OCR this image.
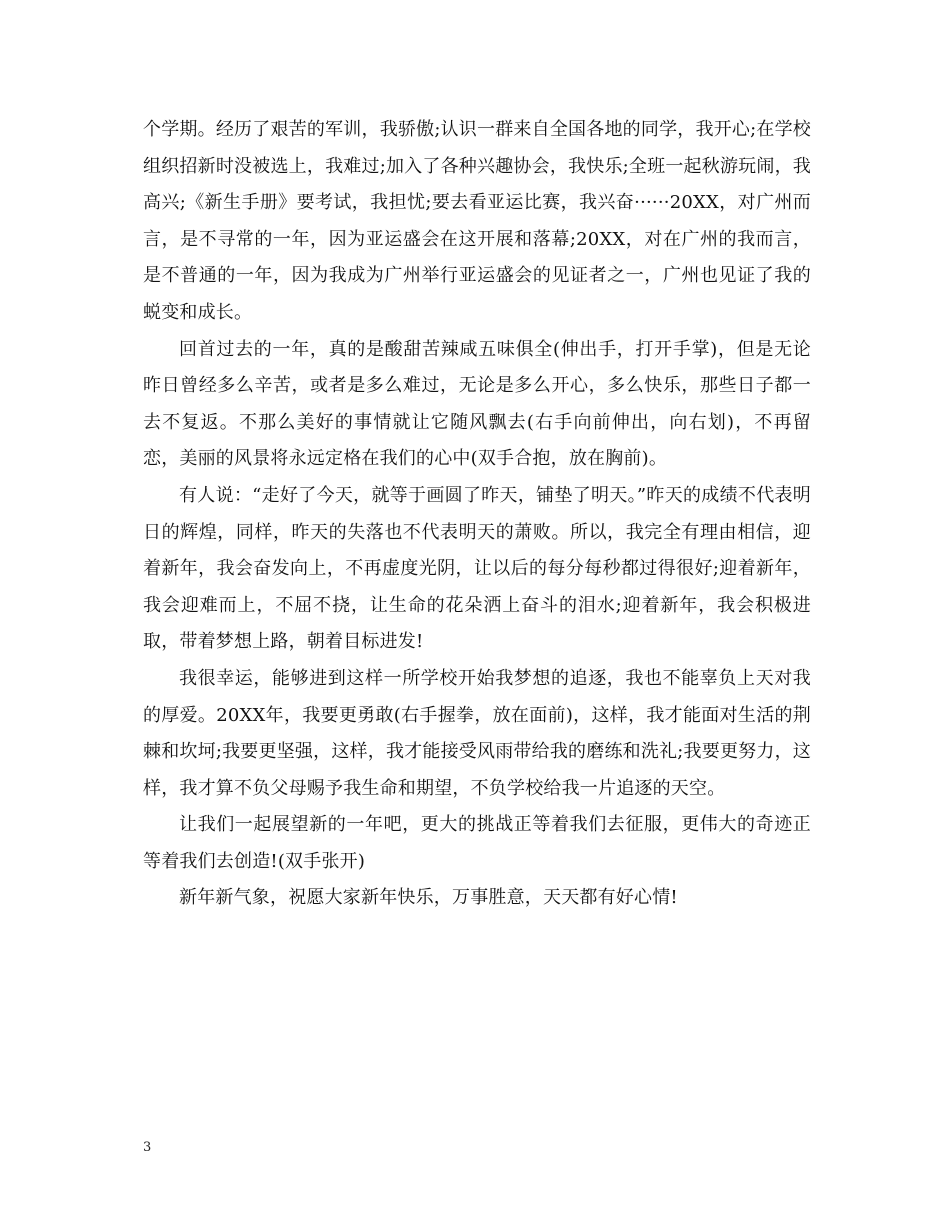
个学期。经历了艰苦的军训，我骄傲;认识一群来自全国各地的同学，我开心;在学校组织招新时没被选上，我难过;加入了各种兴趣协会，我快乐;全班一起秋游玩闹，我高兴;《新生手册》要考试，我担忧;要去看亚运比赛，我兴奋······20XX，对广州而言，是不寻常的一年，因为亚运盛会在这开展和落幕;20XX，对在广州的我而言，是不普通的一年，因为我成为广州举行亚运盛会的见证者之一，广州也见证了我的蜕变和成长。

回首过去的一年，真的是酸甜苦辣咸五味俱全(伸出手，打开手掌)，但是无论昨日曾经多么辛苦，或者是多么难过，无论是多么开心，多么快乐，那些日子都一去不复返。不那么美好的事情就让它随风飘去(右手向前伸出，向右划)，不再留恋，美丽的风景将永远定格在我们的心中(双手合抱，放在胸前)。

有人说：“走好了今天，就等于画圆了昨天，铺垫了明天。”昨天的成绩不代表明日的辉煌，同样，昨天的失落也不代表明天的萧败。所以，我完全有理由相信，迎着新年，我会奋发向上，不再虚度光阴，让以后的每分每秒都过得很好;迎着新年，我会迎难而上，不屈不挠，让生命的花朵洒上奋斗的泪水;迎着新年，我会积极进取，带着梦想上路，朝着目标进发!

我很幸运，能够进到这样一所学校开始我梦想的追逐，我也不能辜负上天对我的厚爱。20XX年，我要更勇敢(右手握拳，放在面前)，这样，我才能面对生活的荆棘和坎坷;我要更坚强，这样，我才能接受风雨带给我的磨练和洗礼;我要更努力，这样，我才算不负父母赐予我生命和期望，不负学校给我一片追逐的天空。

让我们一起展望新的一年吧，更大的挑战正等着我们去征服，更伟大的奇迹正等着我们去创造!(双手张开)

新年新气象，祝愿大家新年快乐，万事胜意，天天都有好心情!

3
